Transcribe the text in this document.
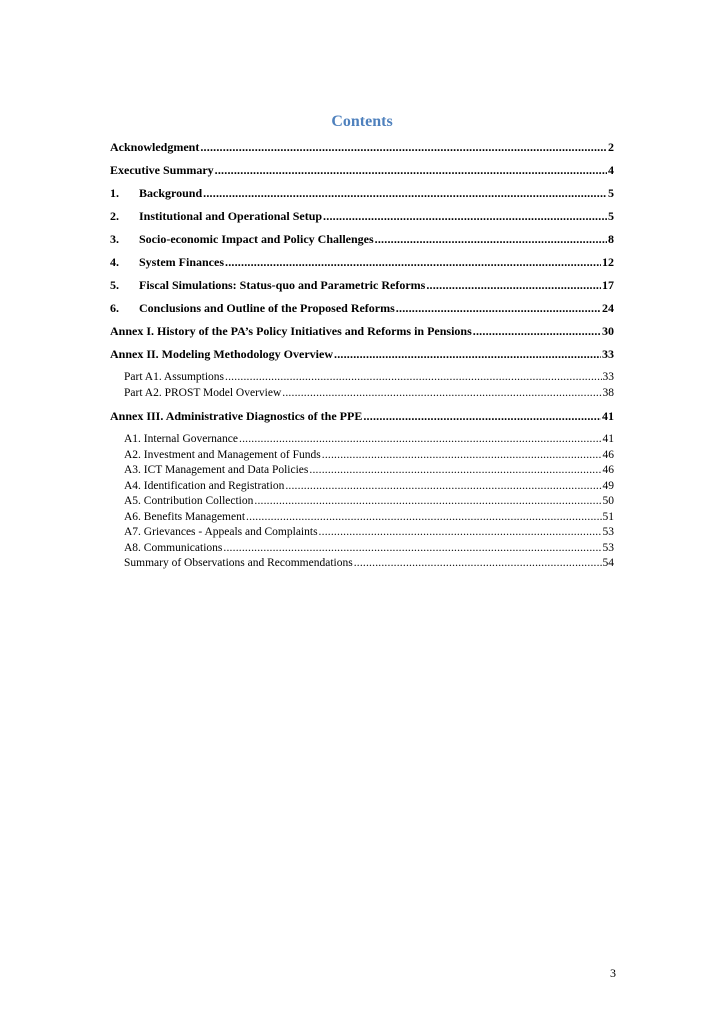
Contents
Acknowledgment .....	2
Executive Summary .....	4
1.	Background .....	5
2.	Institutional and Operational Setup .....	5
3.	Socio-economic Impact and Policy Challenges .....	8
4.	System Finances .....	12
5.	Fiscal Simulations: Status-quo and Parametric Reforms .....	17
6.	Conclusions and Outline of the Proposed Reforms .....	24
Annex I. History of the PA’s Policy Initiatives and Reforms in Pensions .....	30
Annex II. Modeling Methodology Overview .....	33
Part A1. Assumptions .....	33
Part A2. PROST Model Overview .....	38
Annex III. Administrative Diagnostics of the PPE .....	41
A1. Internal Governance .....	41
A2. Investment and Management of Funds .....	46
A3. ICT Management and Data Policies .....	46
A4. Identification and Registration .....	49
A5. Contribution Collection .....	50
A6. Benefits Management .....	51
A7. Grievances - Appeals and Complaints .....	53
A8. Communications .....	53
Summary of Observations and Recommendations .....	54
3
